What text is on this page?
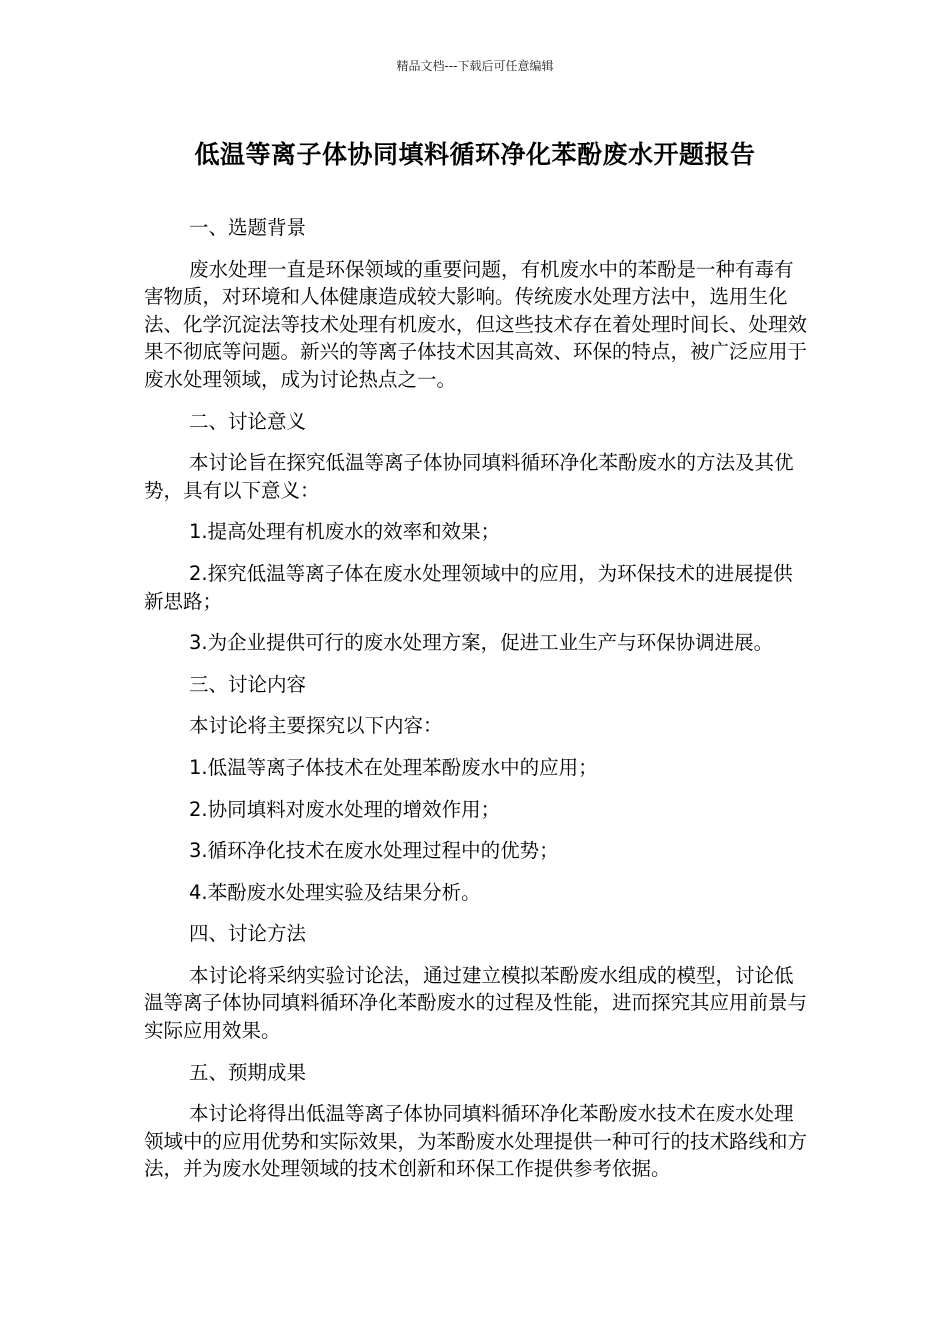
精品文档---下载后可任意编辑
低温等离子体协同填料循环净化苯酚废水开题报告

一、选题背景

废水处理一直是环保领域的重要问题，有机废水中的苯酚是一种有毒有害物质，对环境和人体健康造成较大影响。传统废水处理方法中，选用生化法、化学沉淀法等技术处理有机废水，但这些技术存在着处理时间长、处理效果不彻底等问题。新兴的等离子体技术因其高效、环保的特点，被广泛应用于废水处理领域，成为讨论热点之一。

二、讨论意义

本讨论旨在探究低温等离子体协同填料循环净化苯酚废水的方法及其优势，具有以下意义：

1.提高处理有机废水的效率和效果；

2.探究低温等离子体在废水处理领域中的应用，为环保技术的进展提供新思路；

3.为企业提供可行的废水处理方案，促进工业生产与环保协调进展。

三、讨论内容

本讨论将主要探究以下内容：

1.低温等离子体技术在处理苯酚废水中的应用；

2.协同填料对废水处理的增效作用；

3.循环净化技术在废水处理过程中的优势；

4.苯酚废水处理实验及结果分析。

四、讨论方法

本讨论将采纳实验讨论法，通过建立模拟苯酚废水组成的模型，讨论低温等离子体协同填料循环净化苯酚废水的过程及性能，进而探究其应用前景与实际应用效果。

五、预期成果

本讨论将得出低温等离子体协同填料循环净化苯酚废水技术在废水处理领域中的应用优势和实际效果，为苯酚废水处理提供一种可行的技术路线和方法，并为废水处理领域的技术创新和环保工作提供参考依据。
